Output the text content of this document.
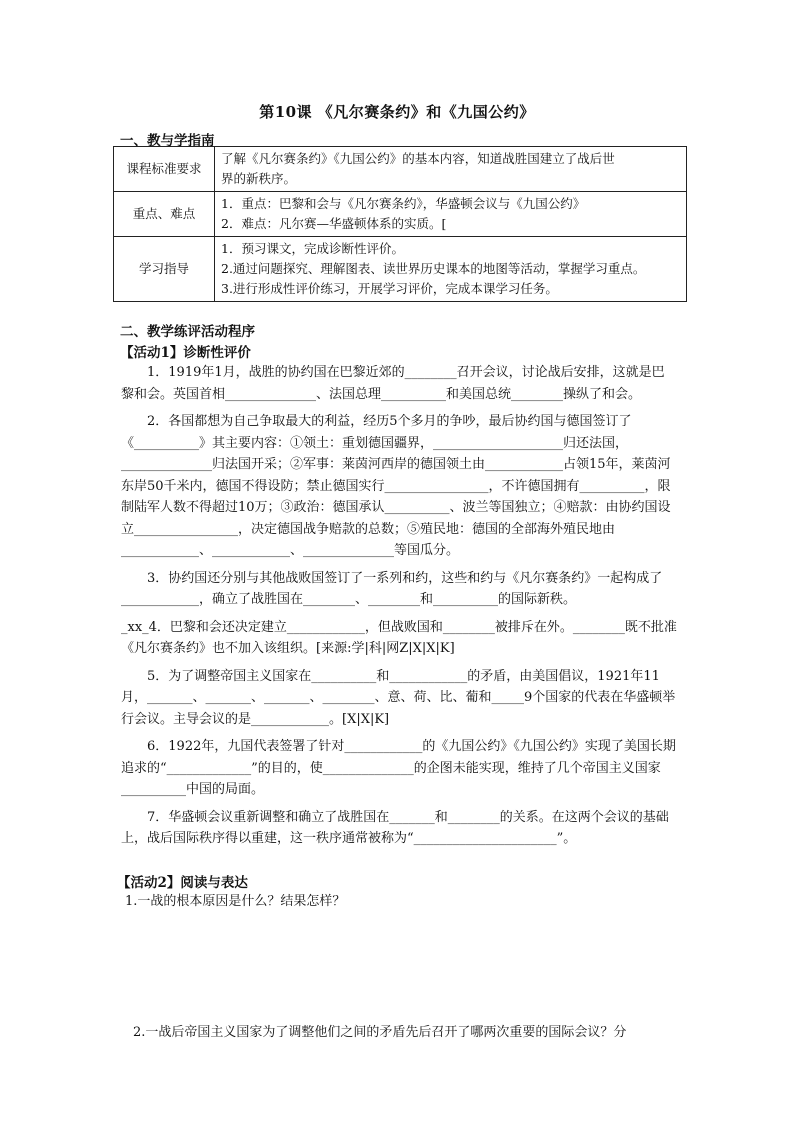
第10课 《凡尔赛条约》和《九国公约》
一、教与学指南
课程标准要求	了解《凡尔赛条约》《九国公约》的基本内容，知道战胜国建立了战后世
界的新秩序。

重点、难点	1．重点：巴黎和会与《凡尔赛条约》，华盛顿会议与《九国公约》
2．难点：凡尔赛—华盛顿体系的实质。[

学习指导	1．预习课文，完成诊断性评价。
2.通过问题探究、理解图表、读世界历史课本的地图等活动，掌握学习重点。
3.进行形成性评价练习，开展学习评价，完成本课学习任务。
二、教学练评活动程序
【活动1】诊断性评价

1．1919年1月，战胜的协约国在巴黎近郊的________召开会议，讨论战后安排，这就是巴黎和会。英国首相______________、法国总理__________和美国总统________操纵了和会。

2．各国都想为自己争取最大的利益，经历5个多月的争吵，最后协约国与德国签订了《__________》其主要内容：①领土：重划德国疆界，____________________归还法国，______________归法国开采；②军事：莱茵河西岸的德国领土由____________占领15年，莱茵河东岸50千米内，德国不得设防；禁止德国实行________________，不许德国拥有__________，限制陆军人数不得超过10万；③政治：德国承认__________、波兰等国独立；④赔款：由协约国设立________________，决定德国战争赔款的总数；⑤殖民地：德国的全部海外殖民地由____________、____________、______________等国瓜分。

3．协约国还分别与其他战败国签订了一系列和约，这些和约与《凡尔赛条约》一起构成了____________，确立了战胜国在________、________和__________的国际新秩。

_xx_4．巴黎和会还决定建立____________，但战败国和________被排斥在外。________既不批准《凡尔赛条约》也不加入该组织。[来源:学|科|网Z|X|X|K]

5．为了调整帝国主义国家在__________和____________的矛盾，由美国倡议，1921年11月，_______、_______、_______、________、意、荷、比、葡和_____9个国家的代表在华盛顿举行会议。主导会议的是____________。[X|X|K]

6．1922年，九国代表签署了针对____________的《九国公约》《九国公约》实现了美国长期追求的“_____________”的目的，使______________的企图未能实现，维持了几个帝国主义国家__________中国的局面。

7．华盛顿会议重新调整和确立了战胜国在_______和________的关系。在这两个会议的基础上，战后国际秩序得以重建，这一秩序通常被称为“______________________”。

【活动2】阅读与表达
1.一战的根本原因是什么？结果怎样？
2.一战后帝国主义国家为了调整他们之间的矛盾先后召开了哪两次重要的国际会议？分
